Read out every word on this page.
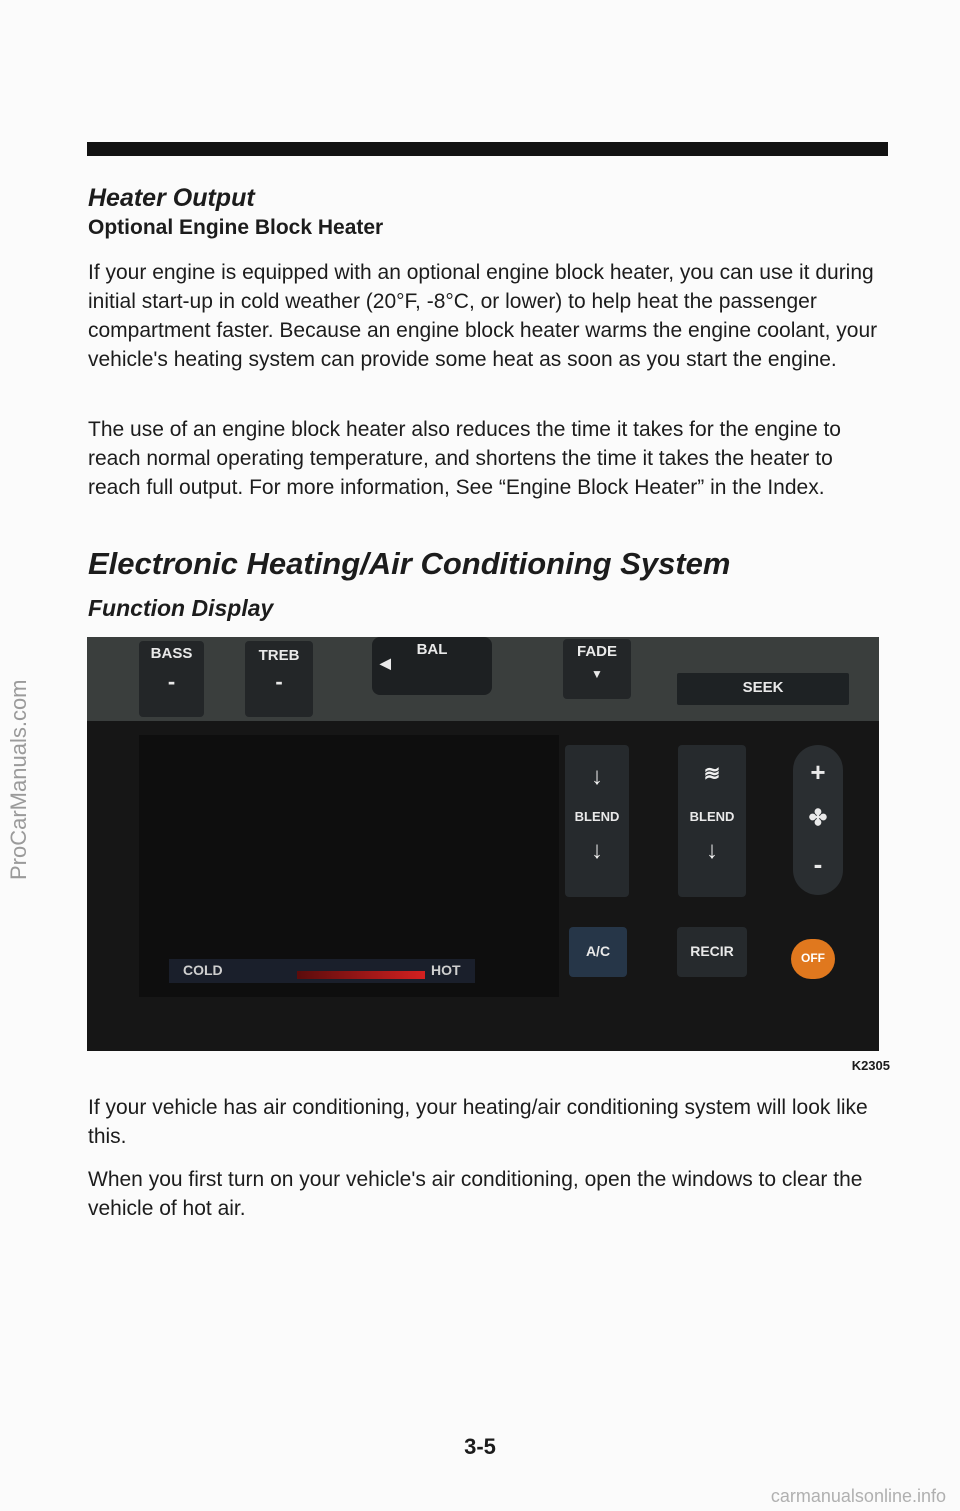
Heater Output
Optional Engine Block Heater

If your engine is equipped with an optional engine block heater, you can use it during initial start-up in cold weather (20°F, -8°C, or lower) to help heat the passenger compartment faster. Because an engine block heater warms the engine coolant, your vehicle's heating system can provide some heat as soon as you start the engine.

The use of an engine block heater also reduces the time it takes for the engine to reach normal operating temperature, and shortens the time it takes the heater to reach full output. For more information, See “Engine Block Heater” in the Index.

Electronic Heating/Air Conditioning System
Function Display
BASS
-
TREB
-
◀
BAL	FADE
▼
SEEK
COLD	HOT
↓
BLEND
↓
≋
BLEND
↓
+
✤
-
A/C	RECIR	OFF
K2305

If your vehicle has air conditioning, your heating/air conditioning system will look like this.

When you first turn on your vehicle's air conditioning, open the windows to clear the vehicle of hot air.

3-5
ProCarManuals.com
carmanualsonline.info
